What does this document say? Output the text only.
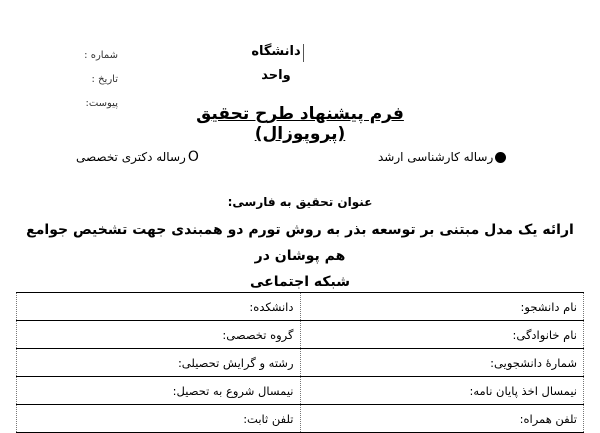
دانشگاه
واحد
شماره :
تاریخ :
پیوست:
فرم پیشنهاد طرح تحقیق (پروپوزال)
رساله کارشناسی ارشد
O
رساله دکتری تخصصی
عنوان تحقیق به فارسی:
ارائه یک مدل مبتنی بر توسعه بذر به روش تورم دو همبندی جهت تشخیص جوامع هم پوشان در
شبکه اجتماعی
نام دانشجو:	دانشکده:
نام خانوادگی:	گروه تخصصی:
شمارهٔ دانشجویی:	رشته و گرایش تحصیلی:
نیمسال اخذ پایان نامه:	نیمسال شروع به تحصیل:
تلفن همراه:	تلفن ثابت:
